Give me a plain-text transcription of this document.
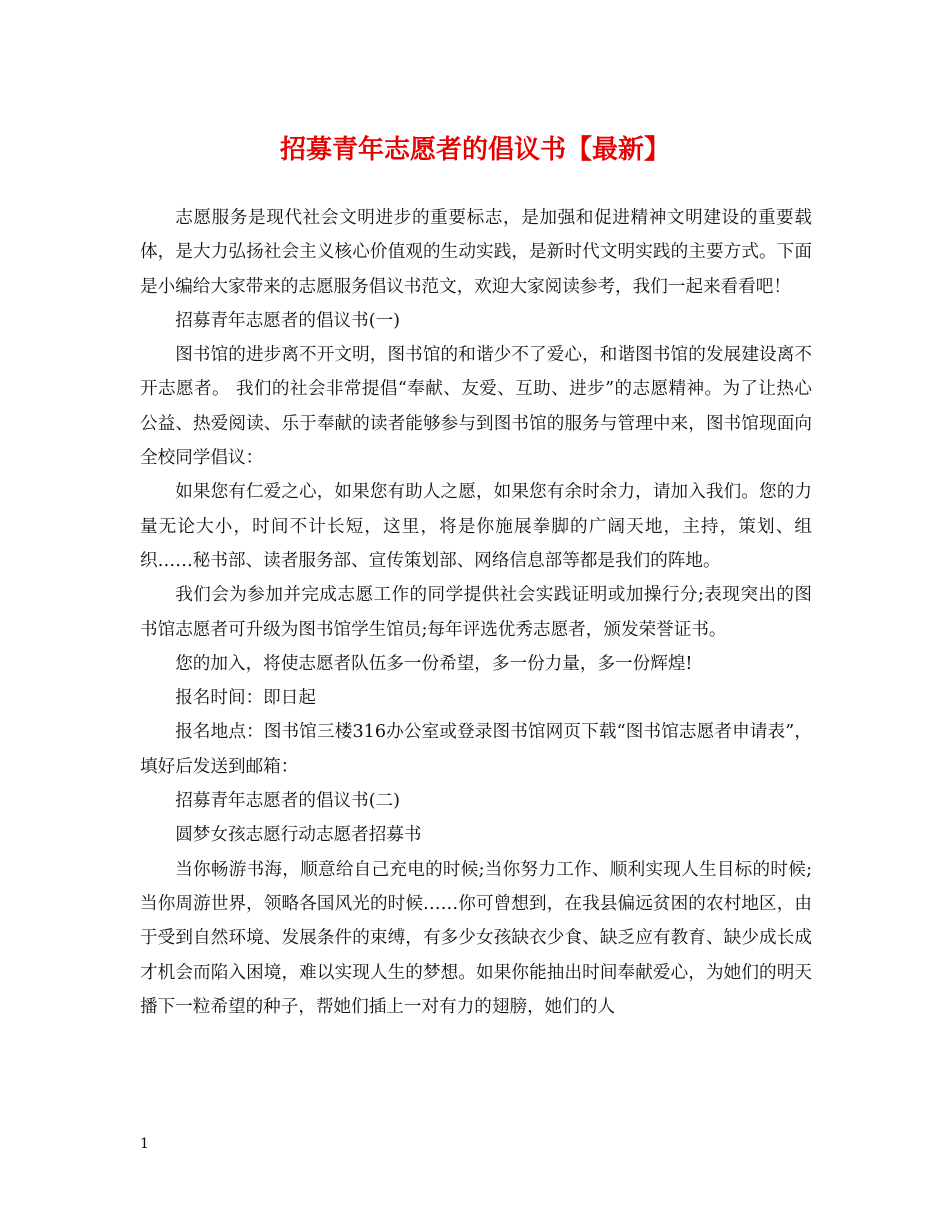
招募青年志愿者的倡议书【最新】

志愿服务是现代社会文明进步的重要标志，是加强和促进精神文明建设的重要载体，是大力弘扬社会主义核心价值观的生动实践，是新时代文明实践的主要方式。下面是小编给大家带来的志愿服务倡议书范文，欢迎大家阅读参考，我们一起来看看吧！

招募青年志愿者的倡议书(一)

图书馆的进步离不开文明，图书馆的和谐少不了爱心，和谐图书馆的发展建设离不开志愿者。 我们的社会非常提倡“奉献、友爱、互助、进步”的志愿精神。为了让热心公益、热爱阅读、乐于奉献的读者能够参与到图书馆的服务与管理中来，图书馆现面向全校同学倡议：

如果您有仁爱之心，如果您有助人之愿，如果您有余时余力，请加入我们。您的力量无论大小，时间不计长短，这里，将是你施展拳脚的广阔天地，主持，策划、组织……秘书部、读者服务部、宣传策划部、网络信息部等都是我们的阵地。

我们会为参加并完成志愿工作的同学提供社会实践证明或加操行分;表现突出的图书馆志愿者可升级为图书馆学生馆员;每年评选优秀志愿者，颁发荣誉证书。

您的加入，将使志愿者队伍多一份希望，多一份力量，多一份辉煌!

报名时间：即日起

报名地点：图书馆三楼316办公室或登录图书馆网页下载“图书馆志愿者申请表”，填好后发送到邮箱：

招募青年志愿者的倡议书(二)

圆梦女孩志愿行动志愿者招募书

当你畅游书海，顺意给自己充电的时候;当你努力工作、顺利实现人生目标的时候;当你周游世界，领略各国风光的时候……你可曾想到，在我县偏远贫困的农村地区，由于受到自然环境、发展条件的束缚，有多少女孩缺衣少食、缺乏应有教育、缺少成长成才机会而陷入困境，难以实现人生的梦想。如果你能抽出时间奉献爱心，为她们的明天播下一粒希望的种子，帮她们插上一对有力的翅膀，她们的人

1
